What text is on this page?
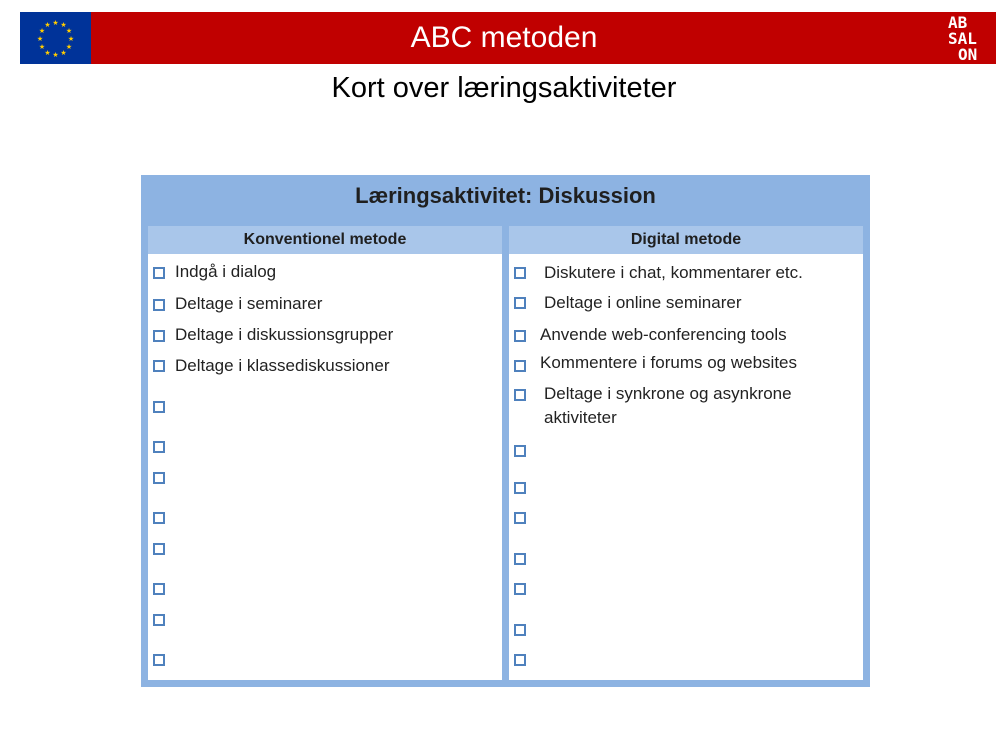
★ ★
★
★
★
★
★
★
★
★
★
★	ABC metoden	AB
SAL
ON
Kort over læringsaktiviteter
Læringsaktivitet: Diskussion
Konventionel metode
Indgå i dialog
Deltage i seminarer
Deltage i diskussionsgrupper
Deltage i klassediskussioner
Digital metode
Diskutere i chat, kommentarer etc.
Deltage i online seminarer
Anvende web-conferencing tools
Kommentere i forums og websites
Deltage i synkrone og asynkrone
aktiviteter
